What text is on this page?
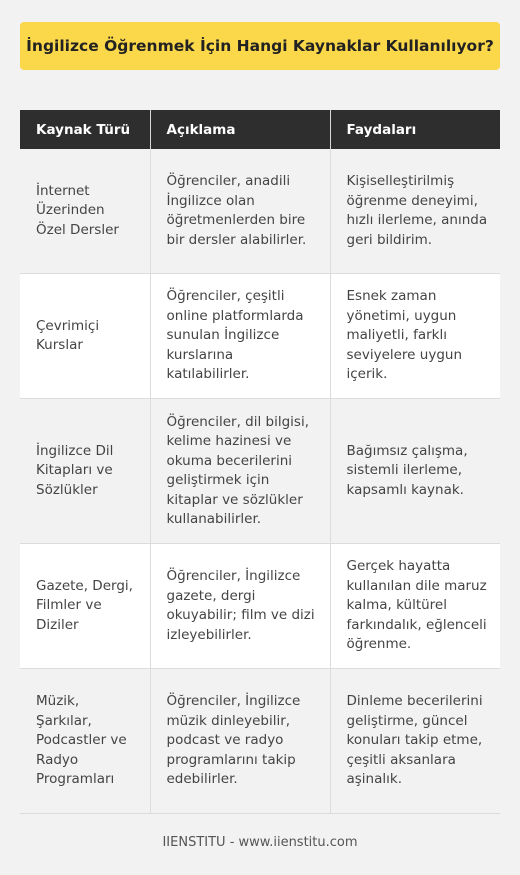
İngilizce Öğrenmek İçin Hangi Kaynaklar Kullanılıyor?
Kaynak Türü	Açıklama	Faydaları
İnternet Üzerinden Özel Dersler	Öğrenciler, anadili İngilizce olan öğretmenlerden bire bir dersler alabilirler.	Kişiselleştirilmiş öğrenme deneyimi, hızlı ilerleme, anında geri bildirim.
Çevrimiçi Kurslar	Öğrenciler, çeşitli online platformlarda sunulan İngilizce kurslarına katılabilirler.	Esnek zaman yönetimi, uygun maliyetli, farklı seviyelere uygun içerik.
İngilizce Dil Kitapları ve Sözlükler	Öğrenciler, dil bilgisi, kelime hazinesi ve okuma becerilerini geliştirmek için kitaplar ve sözlükler kullanabilirler.	Bağımsız çalışma, sistemli ilerleme, kapsamlı kaynak.
Gazete, Dergi, Filmler ve Diziler	Öğrenciler, İngilizce gazete, dergi okuyabilir; film ve dizi izleyebilirler.	Gerçek hayatta kullanılan dile maruz kalma, kültürel farkındalık, eğlenceli öğrenme.
Müzik, Şarkılar, Podcastler ve Radyo Programları	Öğrenciler, İngilizce müzik dinleyebilir, podcast ve radyo programlarını takip edebilirler.	Dinleme becerilerini geliştirme, güncel konuları takip etme, çeşitli aksanlara aşinalık.
IIENSTITU - www.iienstitu.com
